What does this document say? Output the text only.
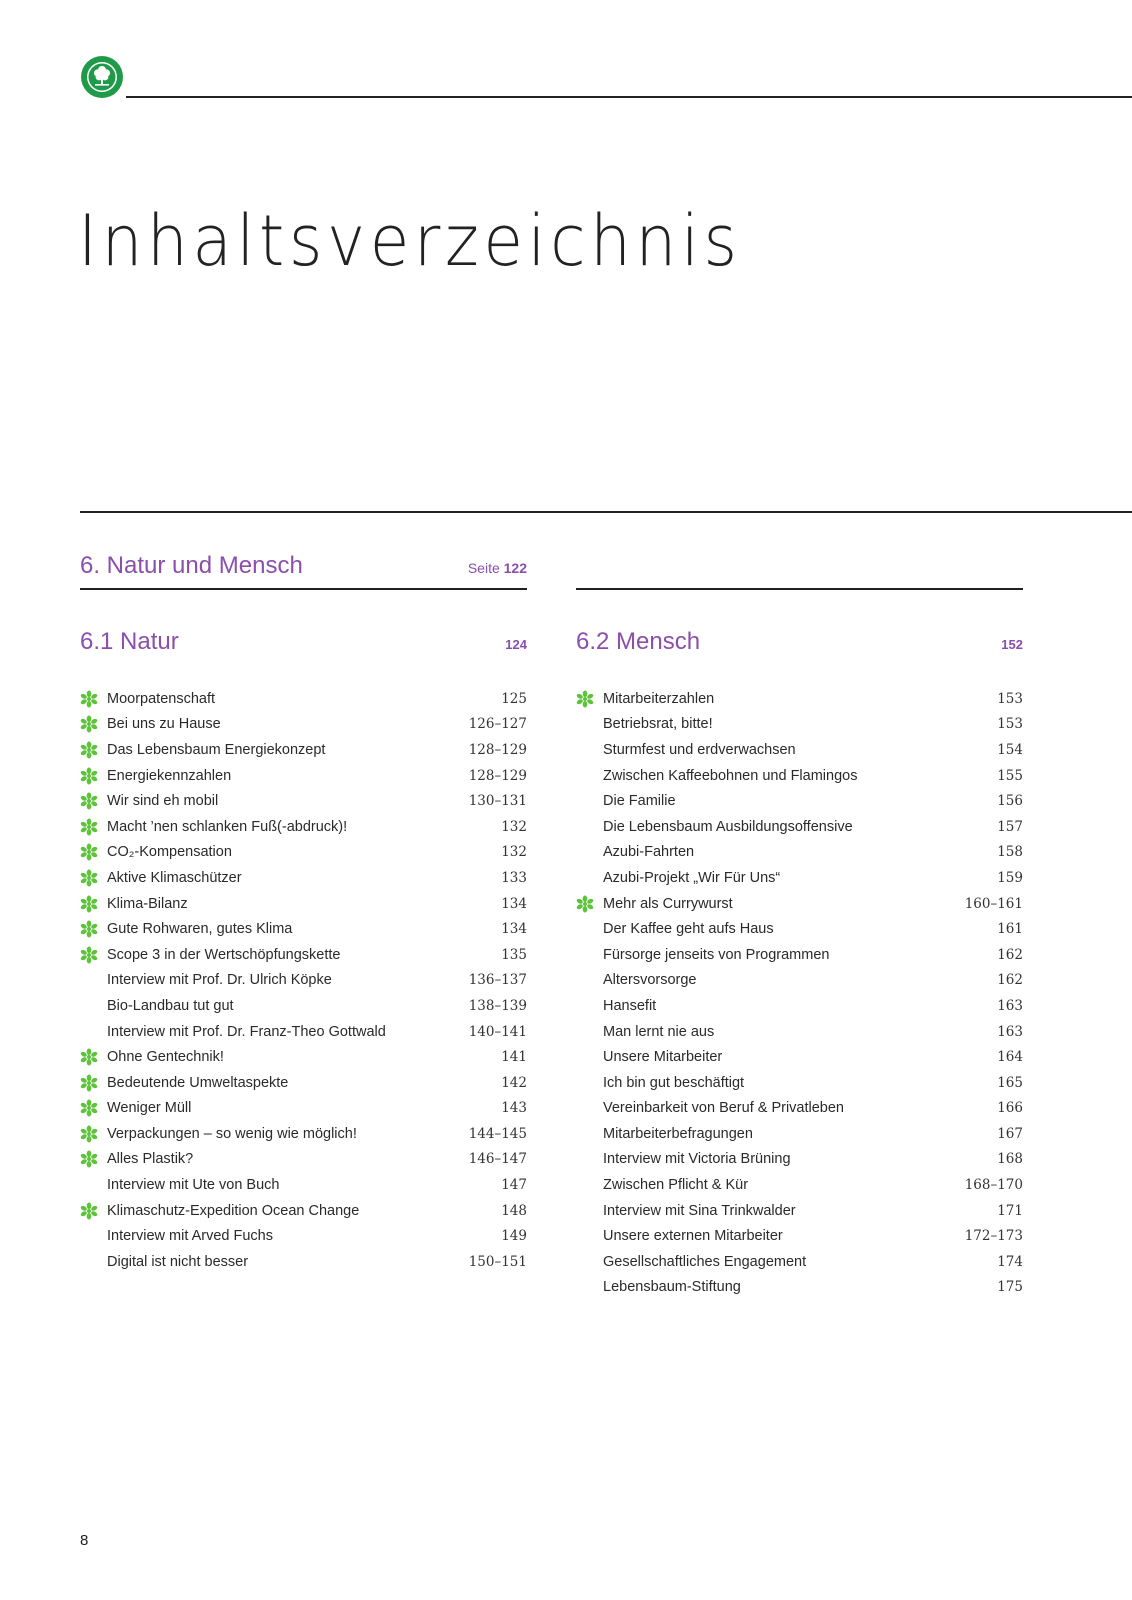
Inhaltsverzeichnis
6. Natur und Mensch	Seite 122
6.1 Natur	124
Moorpatenschaft	125
Bei uns zu Hause	126–127
Das Lebensbaum Energiekonzept	128–129
Energiekennzahlen	128–129
Wir sind eh mobil	130–131
Macht ’nen schlanken Fuß(-abdruck)!	132
CO₂-Kompensation	132
Aktive Klimaschützer	133
Klima-Bilanz	134
Gute Rohwaren, gutes Klima	134
Scope 3 in der Wertschöpfungskette	135
Interview mit Prof. Dr. Ulrich Köpke	136–137
Bio-Landbau tut gut	138–139
Interview mit Prof. Dr. Franz-Theo Gottwald	140–141
Ohne Gentechnik!	141
Bedeutende Umweltaspekte	142
Weniger Müll	143
Verpackungen – so wenig wie möglich!	144–145
Alles Plastik?	146–147
Interview mit Ute von Buch	147
Klimaschutz-Expedition Ocean Change	148
Interview mit Arved Fuchs	149
Digital ist nicht besser	150–151
6.2 Mensch	152
Mitarbeiterzahlen	153
Betriebsrat, bitte!	153
Sturmfest und erdverwachsen	154
Zwischen Kaffeebohnen und Flamingos	155
Die Familie	156
Die Lebensbaum Ausbildungsoffensive	157
Azubi-Fahrten	158
Azubi-Projekt „Wir Für Uns“	159
Mehr als Currywurst	160–161
Der Kaffee geht aufs Haus	161
Fürsorge jenseits von Programmen	162
Altersvorsorge	162
Hansefit	163
Man lernt nie aus	163
Unsere Mitarbeiter	164
Ich bin gut beschäftigt	165
Vereinbarkeit von Beruf & Privatleben	166
Mitarbeiterbefragungen	167
Interview mit Victoria Brüning	168
Zwischen Pflicht & Kür	168–170
Interview mit Sina Trinkwalder	171
Unsere externen Mitarbeiter	172–173
Gesellschaftliches Engagement	174
Lebensbaum-Stiftung	175
8
